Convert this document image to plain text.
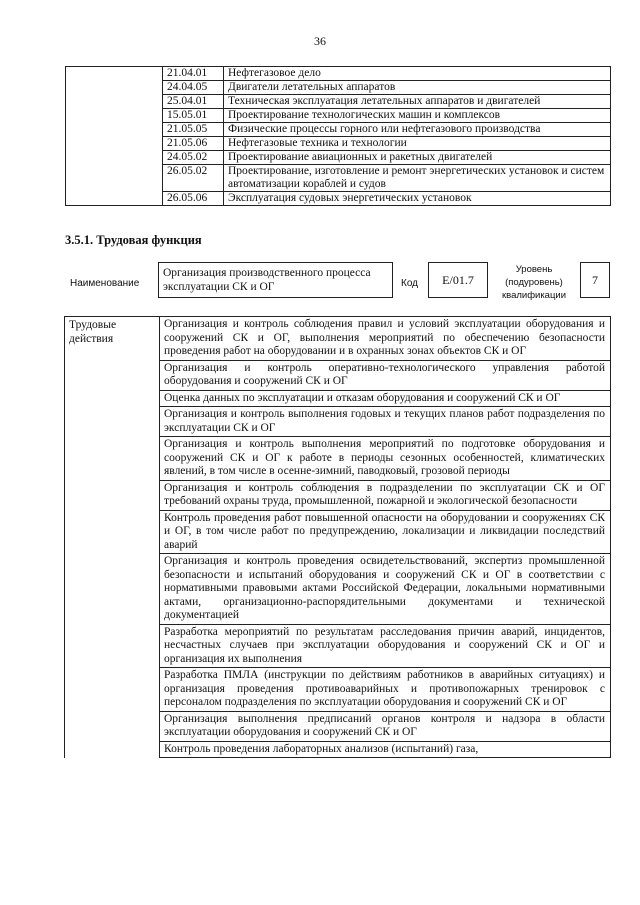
36
	21.04.01	Нефтегазовое дело
	24.04.05	Двигатели летательных аппаратов
	25.04.01	Техническая эксплуатация летательных аппаратов и двигателей
	15.05.01	Проектирование технологических машин и комплексов
	21.05.05	Физические процессы горного или нефтегазового производства
	21.05.06	Нефтегазовые техника и технологии
	24.05.02	Проектирование авиационных и ракетных двигателей
	26.05.02	Проектирование, изготовление и ремонт энергетических установок и систем автоматизации кораблей и судов
	26.05.06	Эксплуатация судовых энергетических установок
3.5.1. Трудовая функция
Наименование
Организация производственного процесса эксплуатации СК и ОГ	Код	Е/01.7
Уровень (подуровень) квалификации
7
Трудовые действия	Организация и контроль соблюдения правил и условий эксплуатации оборудования и сооружений СК и ОГ, выполнения мероприятий по обеспечению безопасности проведения работ на оборудовании и в охранных зонах объектов СК и ОГ
Организация и контроль оперативно-технологического управления работой оборудования и сооружений СК и ОГ
Оценка данных по эксплуатации и отказам оборудования и сооружений СК и ОГ
Организация и контроль выполнения годовых и текущих планов работ подразделения по эксплуатации СК и ОГ
Организация и контроль выполнения мероприятий по подготовке оборудования и сооружений СК и ОГ к работе в периоды сезонных особенностей, климатических явлений, в том числе в осенне-зимний, паводковый, грозовой периоды
Организация и контроль соблюдения в подразделении по эксплуатации СК и ОГ требований охраны труда, промышленной, пожарной и экологической безопасности
Контроль проведения работ повышенной опасности на оборудовании и сооружениях СК и ОГ, в том числе работ по предупреждению, локализации и ликвидации последствий аварий
Организация и контроль проведения освидетельствований, экспертиз промышленной безопасности и испытаний оборудования и сооружений СК и ОГ в соответствии с нормативными правовыми актами Российской Федерации, локальными нормативными актами, организационно-распорядительными документами и технической документацией
Разработка мероприятий по результатам расследования причин аварий, инцидентов, несчастных случаев при эксплуатации оборудования и сооружений СК и ОГ и организация их выполнения
Разработка ПМЛА (инструкции по действиям работников в аварийных ситуациях) и организация проведения противоаварийных и противопожарных тренировок с персоналом подразделения по эксплуатации оборудования и сооружений СК и ОГ
Организация выполнения предписаний органов контроля и надзора в области эксплуатации оборудования и сооружений СК и ОГ
Контроль проведения лабораторных анализов (испытаний) газа,
